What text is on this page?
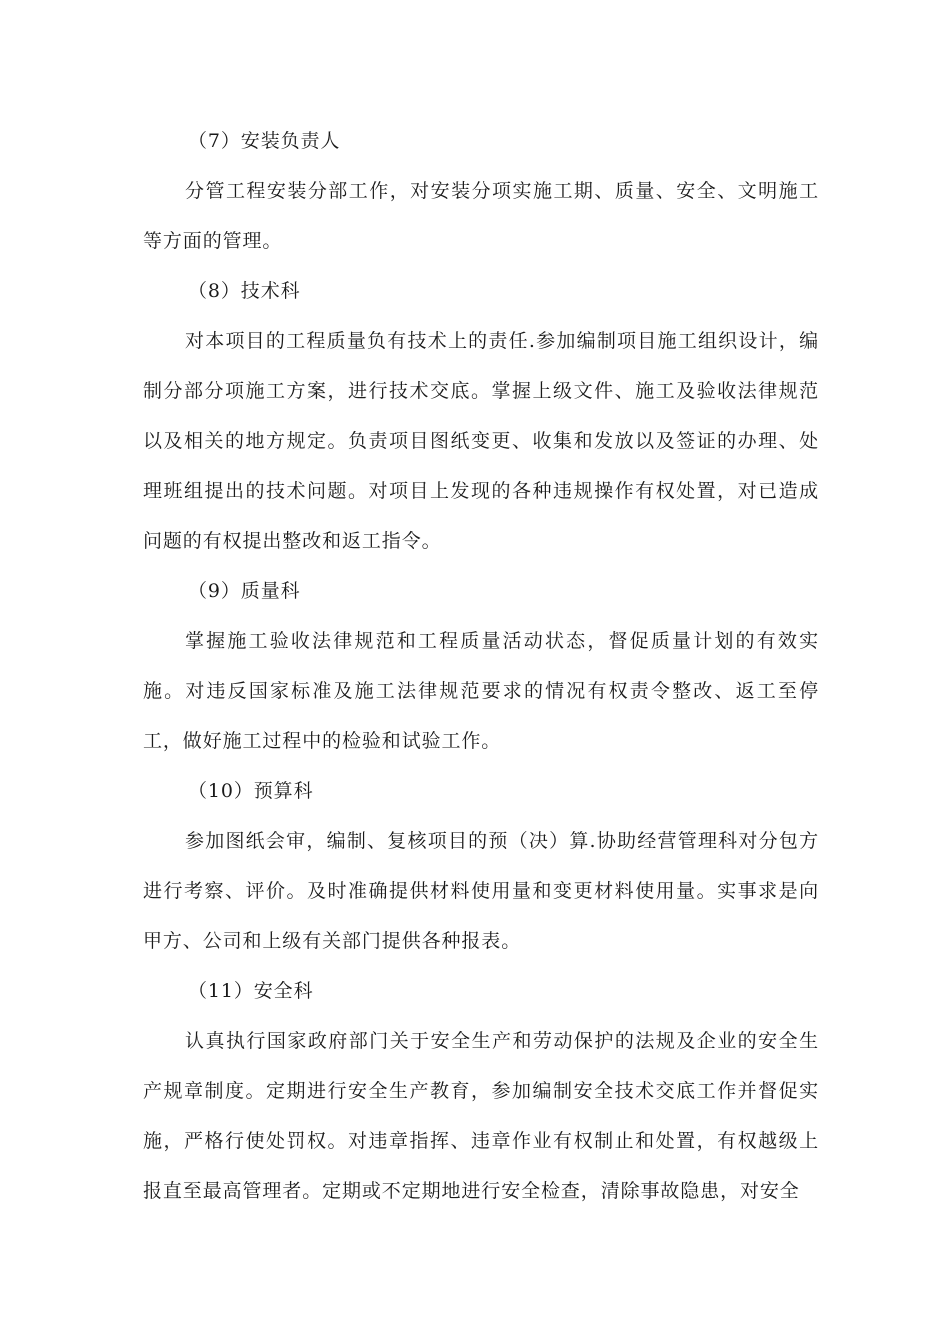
（7）安装负责人

分管工程安装分部工作，对安装分项实施工期、质量、安全、文明施工等方面的管理。

（8）技术科

对本项目的工程质量负有技术上的责任.参加编制项目施工组织设计，编制分部分项施工方案，进行技术交底。掌握上级文件、施工及验收法律规范以及相关的地方规定。负责项目图纸变更、收集和发放以及签证的办理、处理班组提出的技术问题。对项目上发现的各种违规操作有权处置，对已造成问题的有权提出整改和返工指令。

（9）质量科

掌握施工验收法律规范和工程质量活动状态，督促质量计划的有效实施。对违反国家标准及施工法律规范要求的情况有权责令整改、返工至停工，做好施工过程中的检验和试验工作。

（10）预算科

参加图纸会审，编制、复核项目的预（决）算.协助经营管理科对分包方进行考察、评价。及时准确提供材料使用量和变更材料使用量。实事求是向甲方、公司和上级有关部门提供各种报表。

（11）安全科

认真执行国家政府部门关于安全生产和劳动保护的法规及企业的安全生产规章制度。定期进行安全生产教育，参加编制安全技术交底工作并督促实施，严格行使处罚权。对违章指挥、违章作业有权制止和处置，有权越级上报直至最高管理者。定期或不定期地进行安全检查，清除事故隐患，对安全
